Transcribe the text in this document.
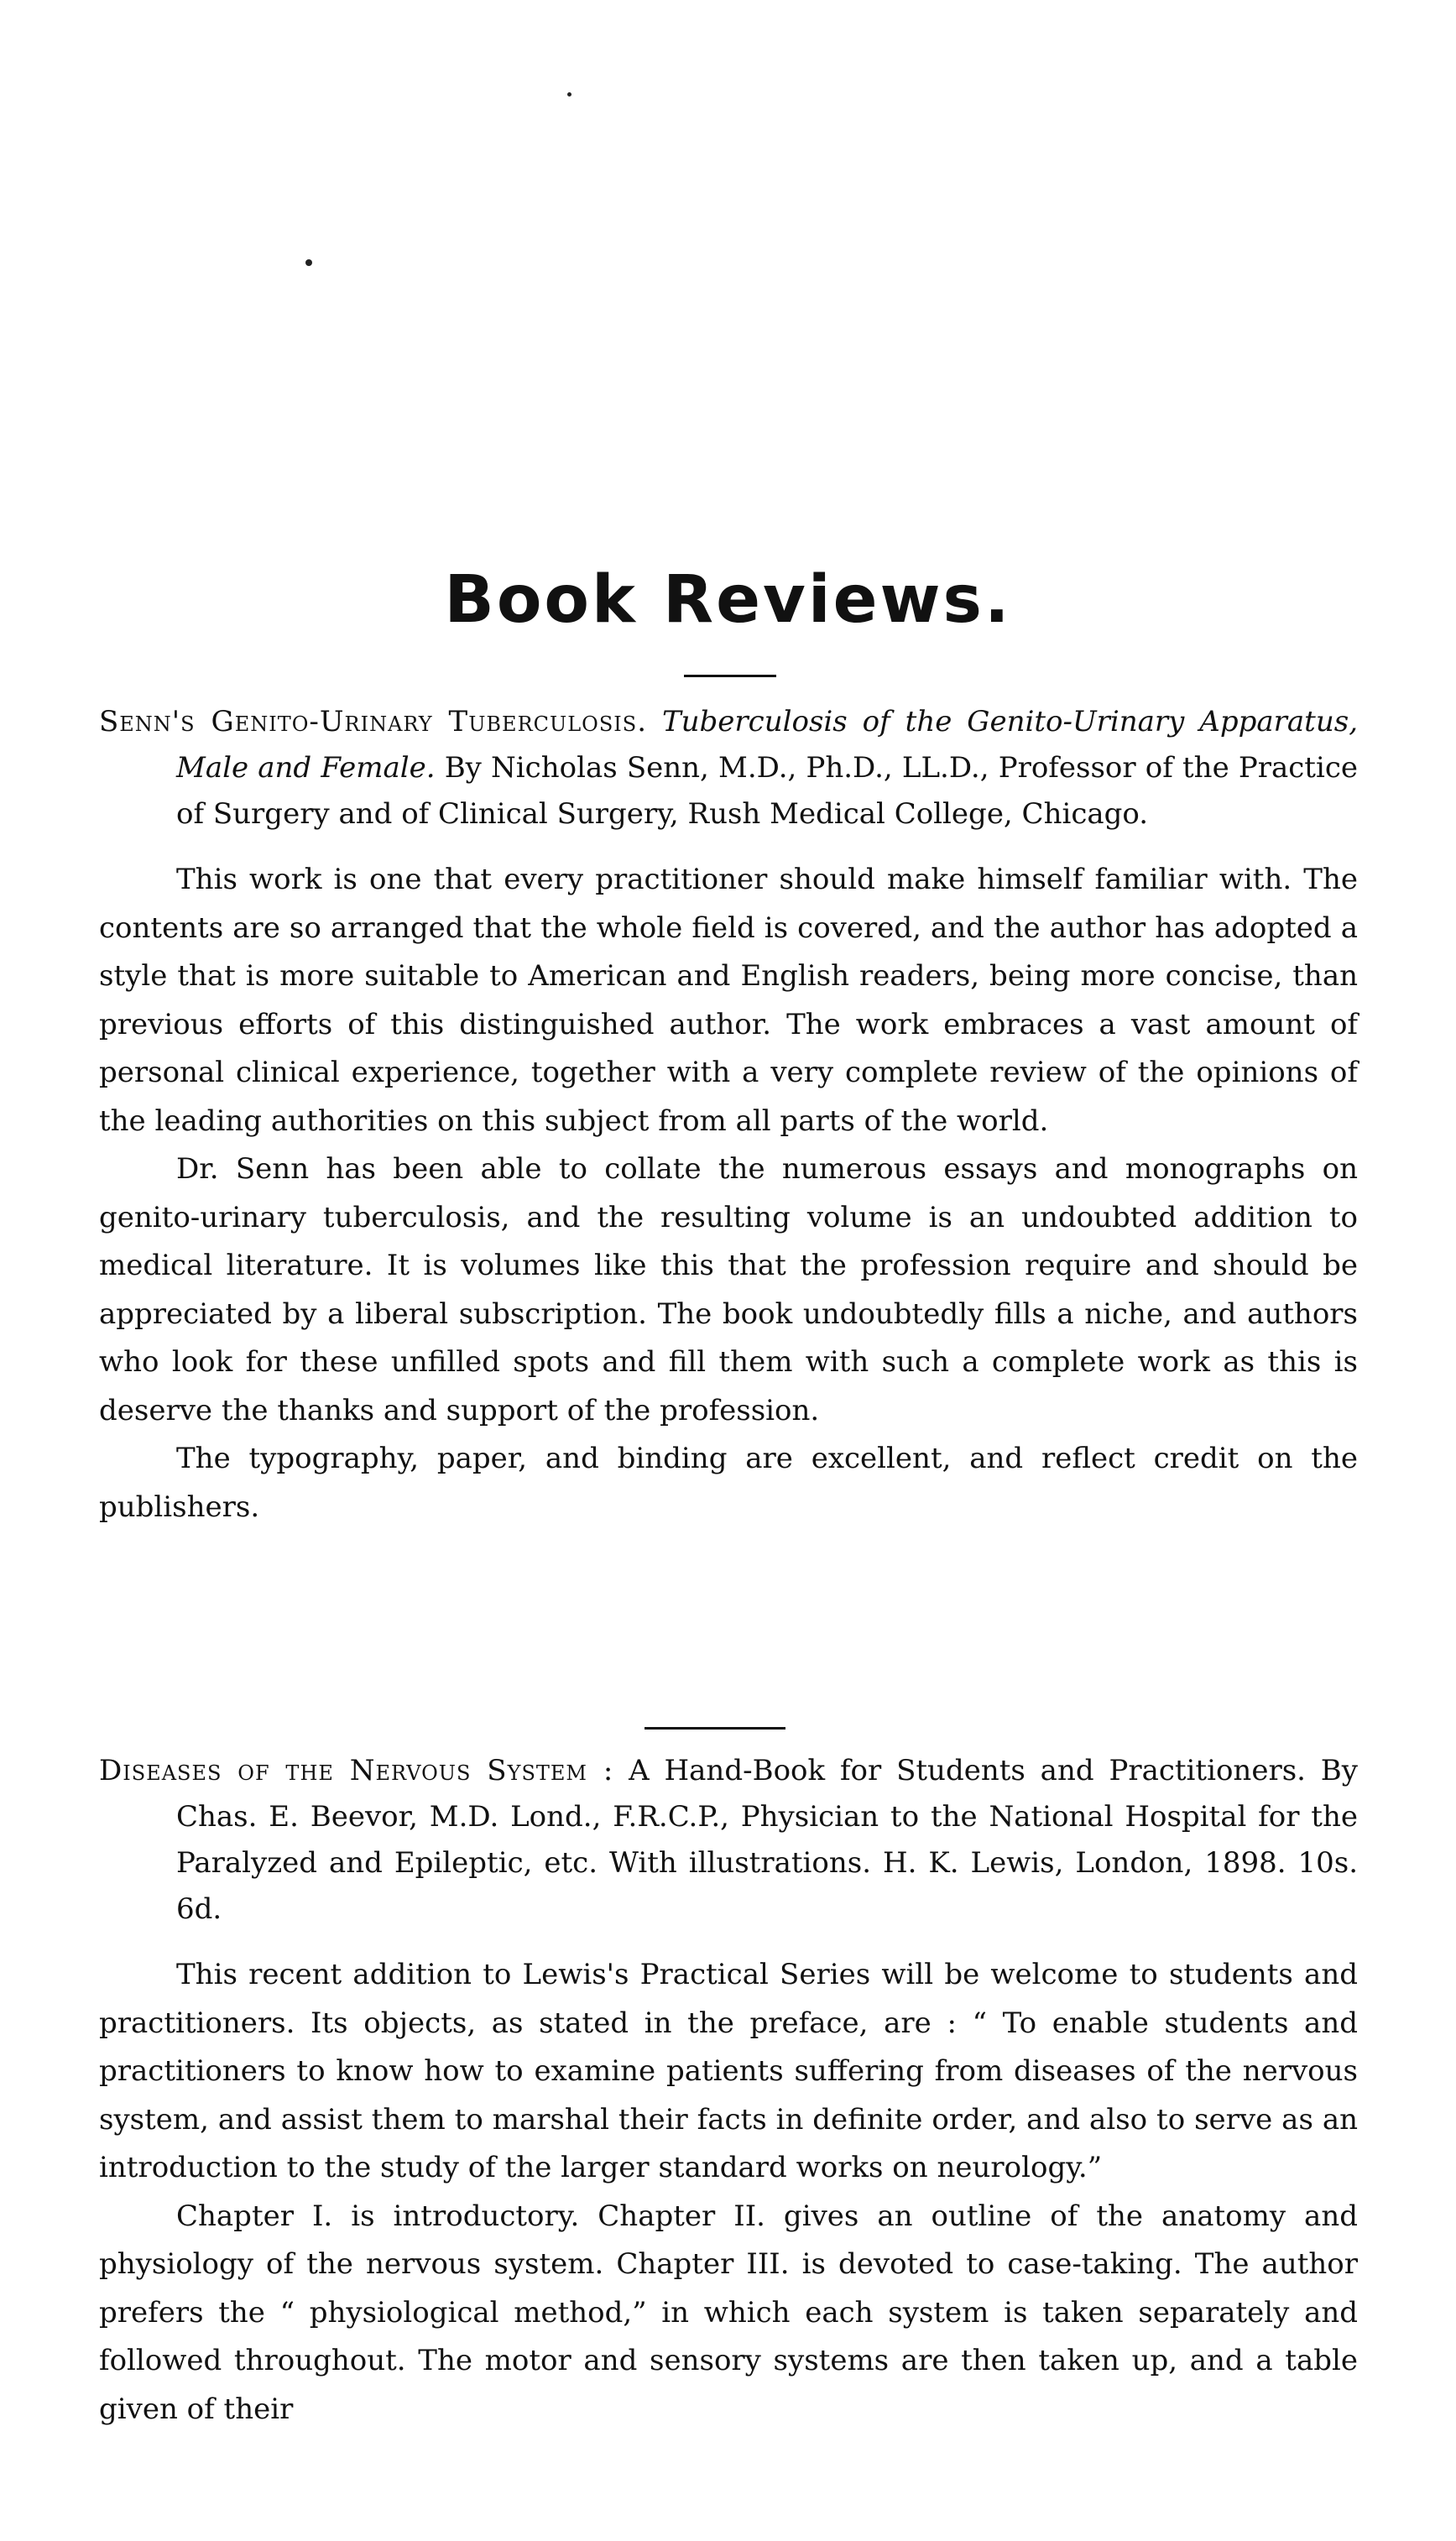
Book Reviews.

Senn's Genito-Urinary Tuberculosis. Tuberculosis of the Genito-Urinary Apparatus, Male and Female. By Nicholas Senn, M.D., Ph.D., LL.D., Professor of the Practice of Surgery and of Clinical Surgery, Rush Medical College, Chicago.

This work is one that every practitioner should make himself familiar with. The contents are so arranged that the whole field is covered, and the author has adopted a style that is more suitable to American and English readers, being more concise, than previous efforts of this distinguished author. The work embraces a vast amount of personal clinical experience, together with a very complete review of the opinions of the leading authorities on this subject from all parts of the world.

Dr. Senn has been able to collate the numerous essays and monographs on genito-urinary tuberculosis, and the resulting volume is an undoubted addition to medical literature. It is volumes like this that the profession require and should be appreciated by a liberal subscription. The book undoubtedly fills a niche, and authors who look for these unfilled spots and fill them with such a complete work as this is deserve the thanks and support of the profession.

The typography, paper, and binding are excellent, and reflect credit on the publishers.

Diseases of the Nervous System : A Hand-Book for Students and Practitioners. By Chas. E. Beevor, M.D. Lond., F.R.C.P., Physician to the National Hospital for the Paralyzed and Epileptic, etc. With illustrations. H. K. Lewis, London, 1898. 10s. 6d.

This recent addition to Lewis's Practical Series will be welcome to students and practitioners. Its objects, as stated in the preface, are : “ To enable students and practitioners to know how to examine patients suffering from diseases of the nervous system, and assist them to marshal their facts in definite order, and also to serve as an introduction to the study of the larger standard works on neurology.”

Chapter I. is introductory. Chapter II. gives an outline of the anatomy and physiology of the nervous system. Chapter III. is devoted to case-taking. The author prefers the “ physiological method,” in which each system is taken separately and followed throughout. The motor and sensory systems are then taken up, and a table given of their
